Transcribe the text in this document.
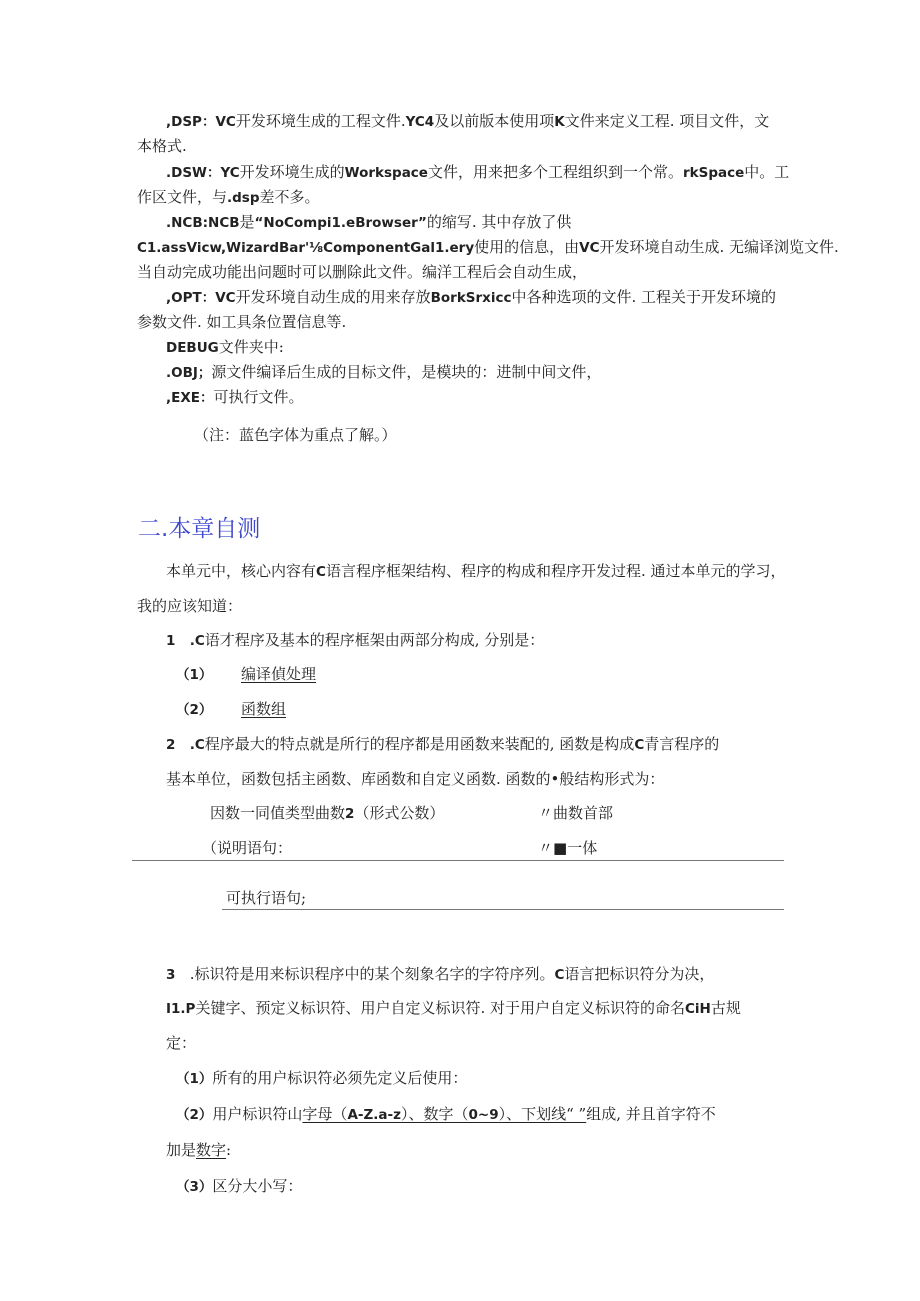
,DSP：VC开发环境生成的工程文件.YC4及以前版本使用项K文件来定义工程. 项目文件，文
本格式.
.DSW：YC开发环境生成的Workspace文件，用来把多个工程组织到一个常。rkSpace中。工
作区文件，与.dsp差不多。
.NCB:NCB是“NoCompi1.eBrowser”的缩写. 其中存放了供
C1.assVicw,WizardBar'⅛ComponentGal1.ery使用的信息，由VC开发环境自动生成. 无编译浏览文件.
当自动完成功能出问题时可以删除此文件。编洋工程后会自动生成，
,OPT：VC开发环境自动生成的用来存放BorkSrxicc中各种选项的文件. 工程关于开发环境的
参数文件. 如工具条位置信息等.
DEBUG文件夹中:
.OBJ；源文件编译后生成的目标文件，是模块的：进制中间文件，
,EXE：可执行文件。
（注：蓝色字体为重点了解。）
二.本章自测
本单元中，核心内容有C语言程序框架结构、程序的构成和程序开发过程. 通过本单元的学习，
我的应该知道：
1 .C语才程序及基本的程序框架由两部分构成, 分别是：
（1） 编译偵处理
（2） 函数组
2 .C程序最大的特点就是所行的程序都是用函数来装配的, 函数是构成C青言程序的
基本单位，函数包括主函数、库函数和自定义函数. 函数的•般结构形式为：
因数一同值类型曲数2（形式公数）	〃曲数首部
（说明语句：	〃■一体
可执行语句;
3 .标识符是用来标识程序中的某个刻象名字的字符序列。C语言把标识符分为决，
I1.P关键字、预定义标识符、用户自定义标识符. 对于用户自定义标识符的命名CiH古规
定：
（1）所有的用户标识符必须先定义后使用：
（2）用户标识符山字母（A-Z.a-z）、数字（0~9）、下划线“ ”组成, 并且首字符不
加是数字:
（3）区分大小写：
